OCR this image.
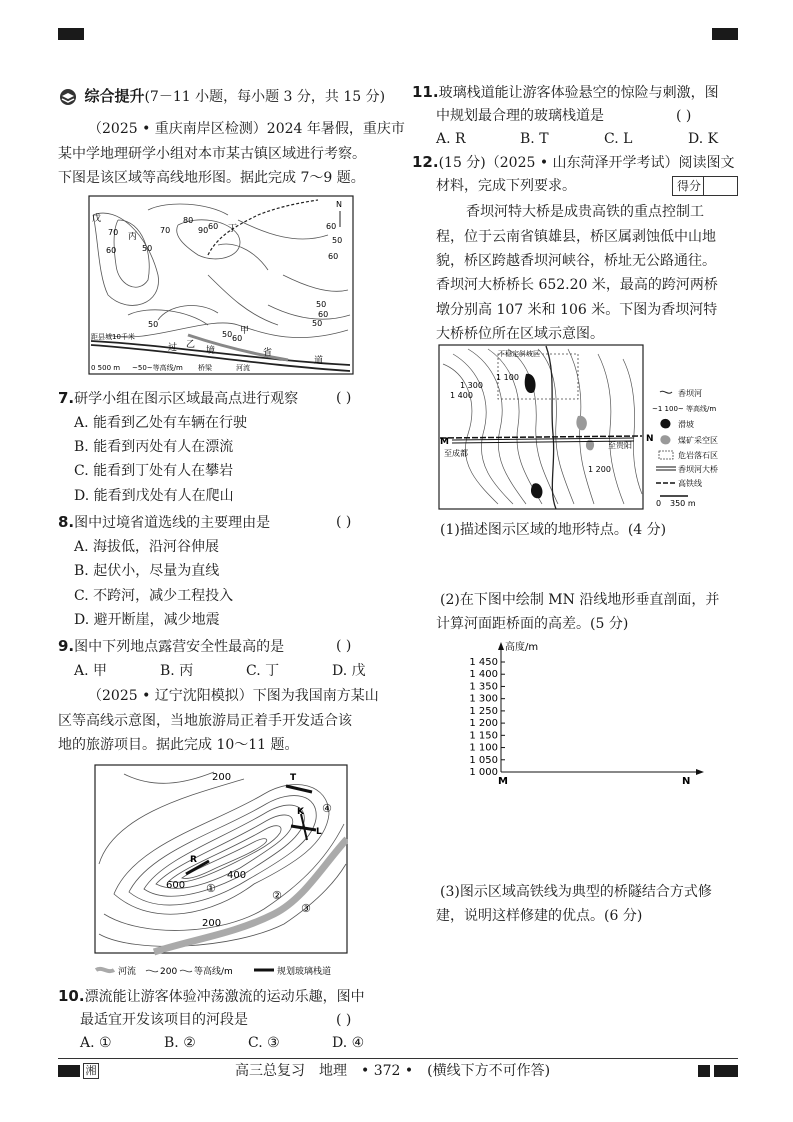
综合提升(7－11 小题，每小题 3 分，共 15 分)
（2025 • 重庆南岸区检测）2024 年暑假，重庆市
某中学地理研学小组对本市某古镇区域进行考察。
下图是该区域等高线地形图。据此完成 7～9 题。
N
戊
丙
丁
甲
乙
过	境	省
道
距县城10千米
70
60	50
80
70	90 60
50
60
50
60
50
60
50
50 60
0 500 m ~50~等高线/m 桥梁	河流
7.研学小组在图示区域最高点进行观察	( )
A. 能看到乙处有车辆在行驶
B. 能看到丙处有人在漂流
C. 能看到丁处有人在攀岩
D. 能看到戊处有人在爬山
8.图中过境省道选线的主要理由是	( )
A. 海拔低，沿河谷伸展
B. 起伏小，尽量为直线
C. 不跨河，减少工程投入
D. 避开断崖，减少地震
9.图中下列地点露营安全性最高的是	( )
A. 甲	B. 丙	C. 丁	D. 戊
（2025 • 辽宁沈阳模拟）下图为我国南方某山
区等高线示意图，当地旅游局正着手开发适合该
地的旅游项目。据此完成 10～11 题。
200
400
600
200
T
K
L
R
①
②
③
④
河流	200 等高线/m	规划玻璃栈道
10.漂流能让游客体验冲荡激流的运动乐趣，图中
最适宜开发该项目的河段是	( )
A. ①	B. ②	C. ③	D. ④
11.玻璃栈道能让游客体验悬空的惊险与刺激，图
中规划最合理的玻璃栈道是	( )
A. R	B. T	C. L	D. K
12.(15 分)（2025 • 山东菏泽开学考试）阅读图文
材料，完成下列要求。	得分
香坝河特大桥是成贵高铁的重点控制工
程，位于云南省镇雄县，桥区属剥蚀低中山地
貌，桥区跨越香坝河峡谷，桥址无公路通往。
香坝河大桥桥长 652.20 米，最高的跨河两桥
墩分别高 107 米和 106 米。下图为香坝河特
大桥桥位所在区域示意图。
不稳定斜坡区
1 300
1 400
1 100
M
至成都
至贵阳
N
1 200
香坝河
~1 100~ 等高线/m
滑坡
煤矿采空区
危岩落石区
香坝河大桥
高铁线
0 350 m
(1)描述图示区域的地形特点。(4 分)
(2)在下图中绘制 MN 沿线地形垂直剖面，并
计算河面距桥面的高差。(5 分)
高度/m
1 450
1 400
1 350
1 300
1 250
1 200
1 150
1 100
1 050
1 000
M	N
(3)图示区域高铁线为典型的桥隧结合方式修
建，说明这样修建的优点。(6 分)
湘	高三总复习　地理　• 372 •　(横线下方不可作答)
